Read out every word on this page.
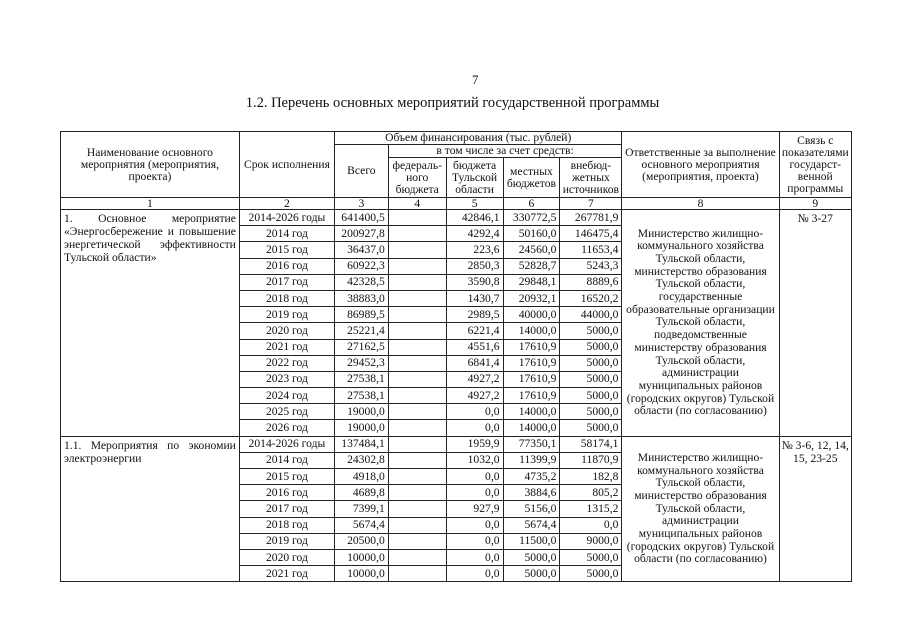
7
1.2. Перечень основных мероприятий государственной программы
Наименование основного мероприятия (мероприятия, проекта)	Срок исполнения	Объем финансирования (тыс. рублей)					Ответственные за выполнение основного мероприятия (мероприятия, проекта)	Связь с показателями государст-венной программы
		Всего	в том числе за счет средств:					
			федераль-ного бюджета	бюджета Тульской области	местных бюджетов	внебюд-жетных источников		
1	2	3	4	5	6	7	8	9
1. Основное мероприятие «Энергосбережение и повышение энергетической эффективности Тульской области»	2014-2026 годы	641400,5		42846,1	330772,5	267781,9	Министерство жилищно-коммунального хозяйства Тульской области, министерство образования Тульской области, государственные образовательные организации Тульской области, подведомственные министерству образования Тульской области, администрации муниципальных районов (городских округов) Тульской области (по согласованию)	№ 3-27
	2014 год	200927,8		4292,4	50160,0	146475,4		
	2015 год	36437,0		223,6	24560,0	11653,4		
	2016 год	60922,3		2850,3	52828,7	5243,3		
	2017 год	42328,5		3590,8	29848,1	8889,6		
	2018 год	38883,0		1430,7	20932,1	16520,2		
	2019 год	86989,5		2989,5	40000,0	44000,0		
	2020 год	25221,4		6221,4	14000,0	5000,0		
	2021 год	27162,5		4551,6	17610,9	5000,0		
	2022 год	29452,3		6841,4	17610,9	5000,0		
	2023 год	27538,1		4927,2	17610,9	5000,0		
	2024 год	27538,1		4927,2	17610,9	5000,0		
	2025 год	19000,0		0,0	14000,0	5000,0		
	2026 год	19000,0		0,0	14000,0	5000,0		
1.1. Мероприятия по экономии электроэнергии	2014-2026 годы	137484,1		1959,9	77350,1	58174,1	Министерство жилищно-коммунального хозяйства Тульской области, министерство образования Тульской области, администрации муниципальных районов (городских округов) Тульской области (по согласованию)	№ 3-6, 12, 14, 15, 23-25
	2014 год	24302,8		1032,0	11399,9	11870,9		
	2015 год	4918,0		0,0	4735,2	182,8		
	2016 год	4689,8		0,0	3884,6	805,2		
	2017 год	7399,1		927,9	5156,0	1315,2		
	2018 год	5674,4		0,0	5674,4	0,0		
	2019 год	20500,0		0,0	11500,0	9000,0		
	2020 год	10000,0		0,0	5000,0	5000,0		
	2021 год	10000,0		0,0	5000,0	5000,0		
